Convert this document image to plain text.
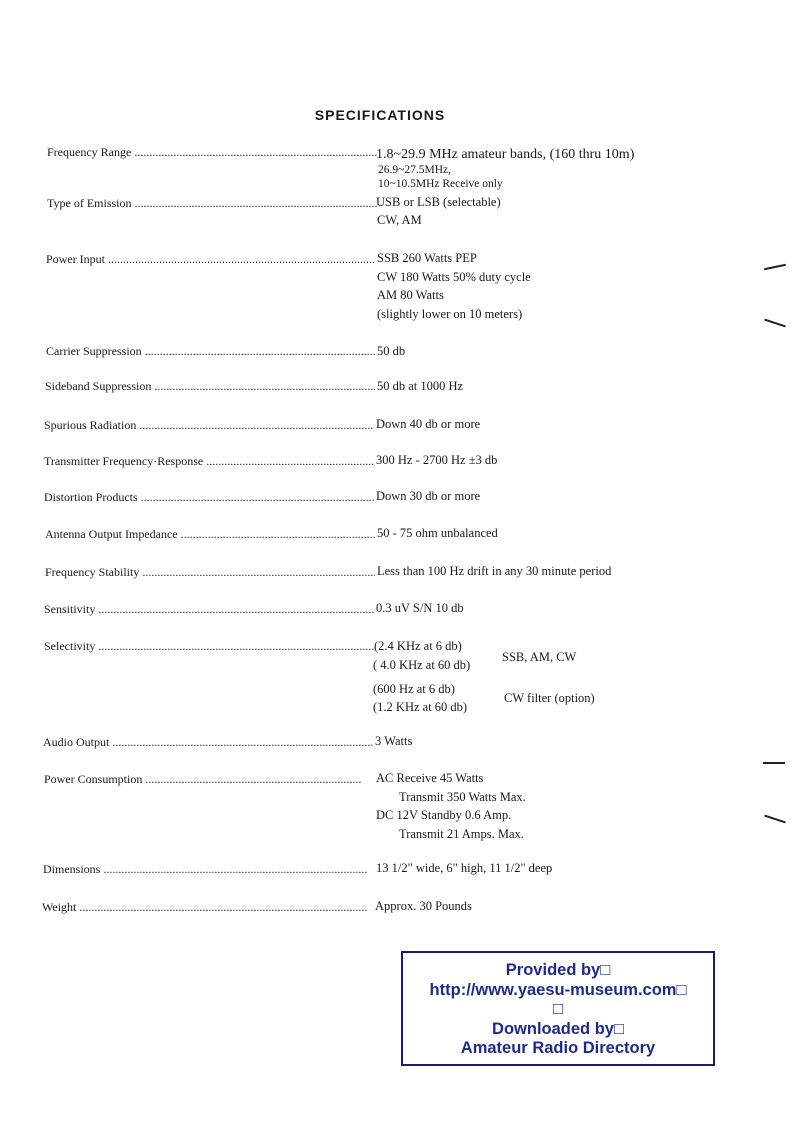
SPECIFICATIONS
Frequency Range .....	1.8~29.9 MHz amateur bands, (160 thru 10m)
26.9~27.5MHz,
10~10.5MHz Receive only
Type of Emission .....	USB or LSB (selectable)
CW, AM
Power Input .....	SSB 260 Watts PEP
CW 180 Watts 50% duty cycle
AM 80 Watts
(slightly lower on 10 meters)
Carrier Suppression .....	50 db
Sideband Suppression .....	50 db at 1000 Hz
Spurious Radiation .....	Down 40 db or more
Transmitter Frequency·Response .....	300 Hz - 2700 Hz ±3 db
Distortion Products .....	Down 30 db or more
Antenna Output Impedance .....	50 - 75 ohm unbalanced
Frequency Stability .....	Less than 100 Hz drift in any 30 minute period
Sensitivity .....	0.3 uV S/N 10 db
Selectivity .....	(2.4 KHz at 6 db)
( 4.0 KHz at 60 db)
SSB, AM, CW
(600 Hz at 6 db)
(1.2 KHz at 60 db)
CW filter (option)
Audio Output .....	3 Watts
Power Consumption .....	AC Receive 45 Watts
Transmit 350 Watts Max.
DC 12V Standby 0.6 Amp.
Transmit 21 Amps. Max.
Dimensions .....	13 1/2" wide, 6" high, 11 1/2" deep
Weight .....	Approx. 30 Pounds
Provided by□
http://www.yaesu-museum.com□
□
Downloaded by□
Amateur Radio Directory
